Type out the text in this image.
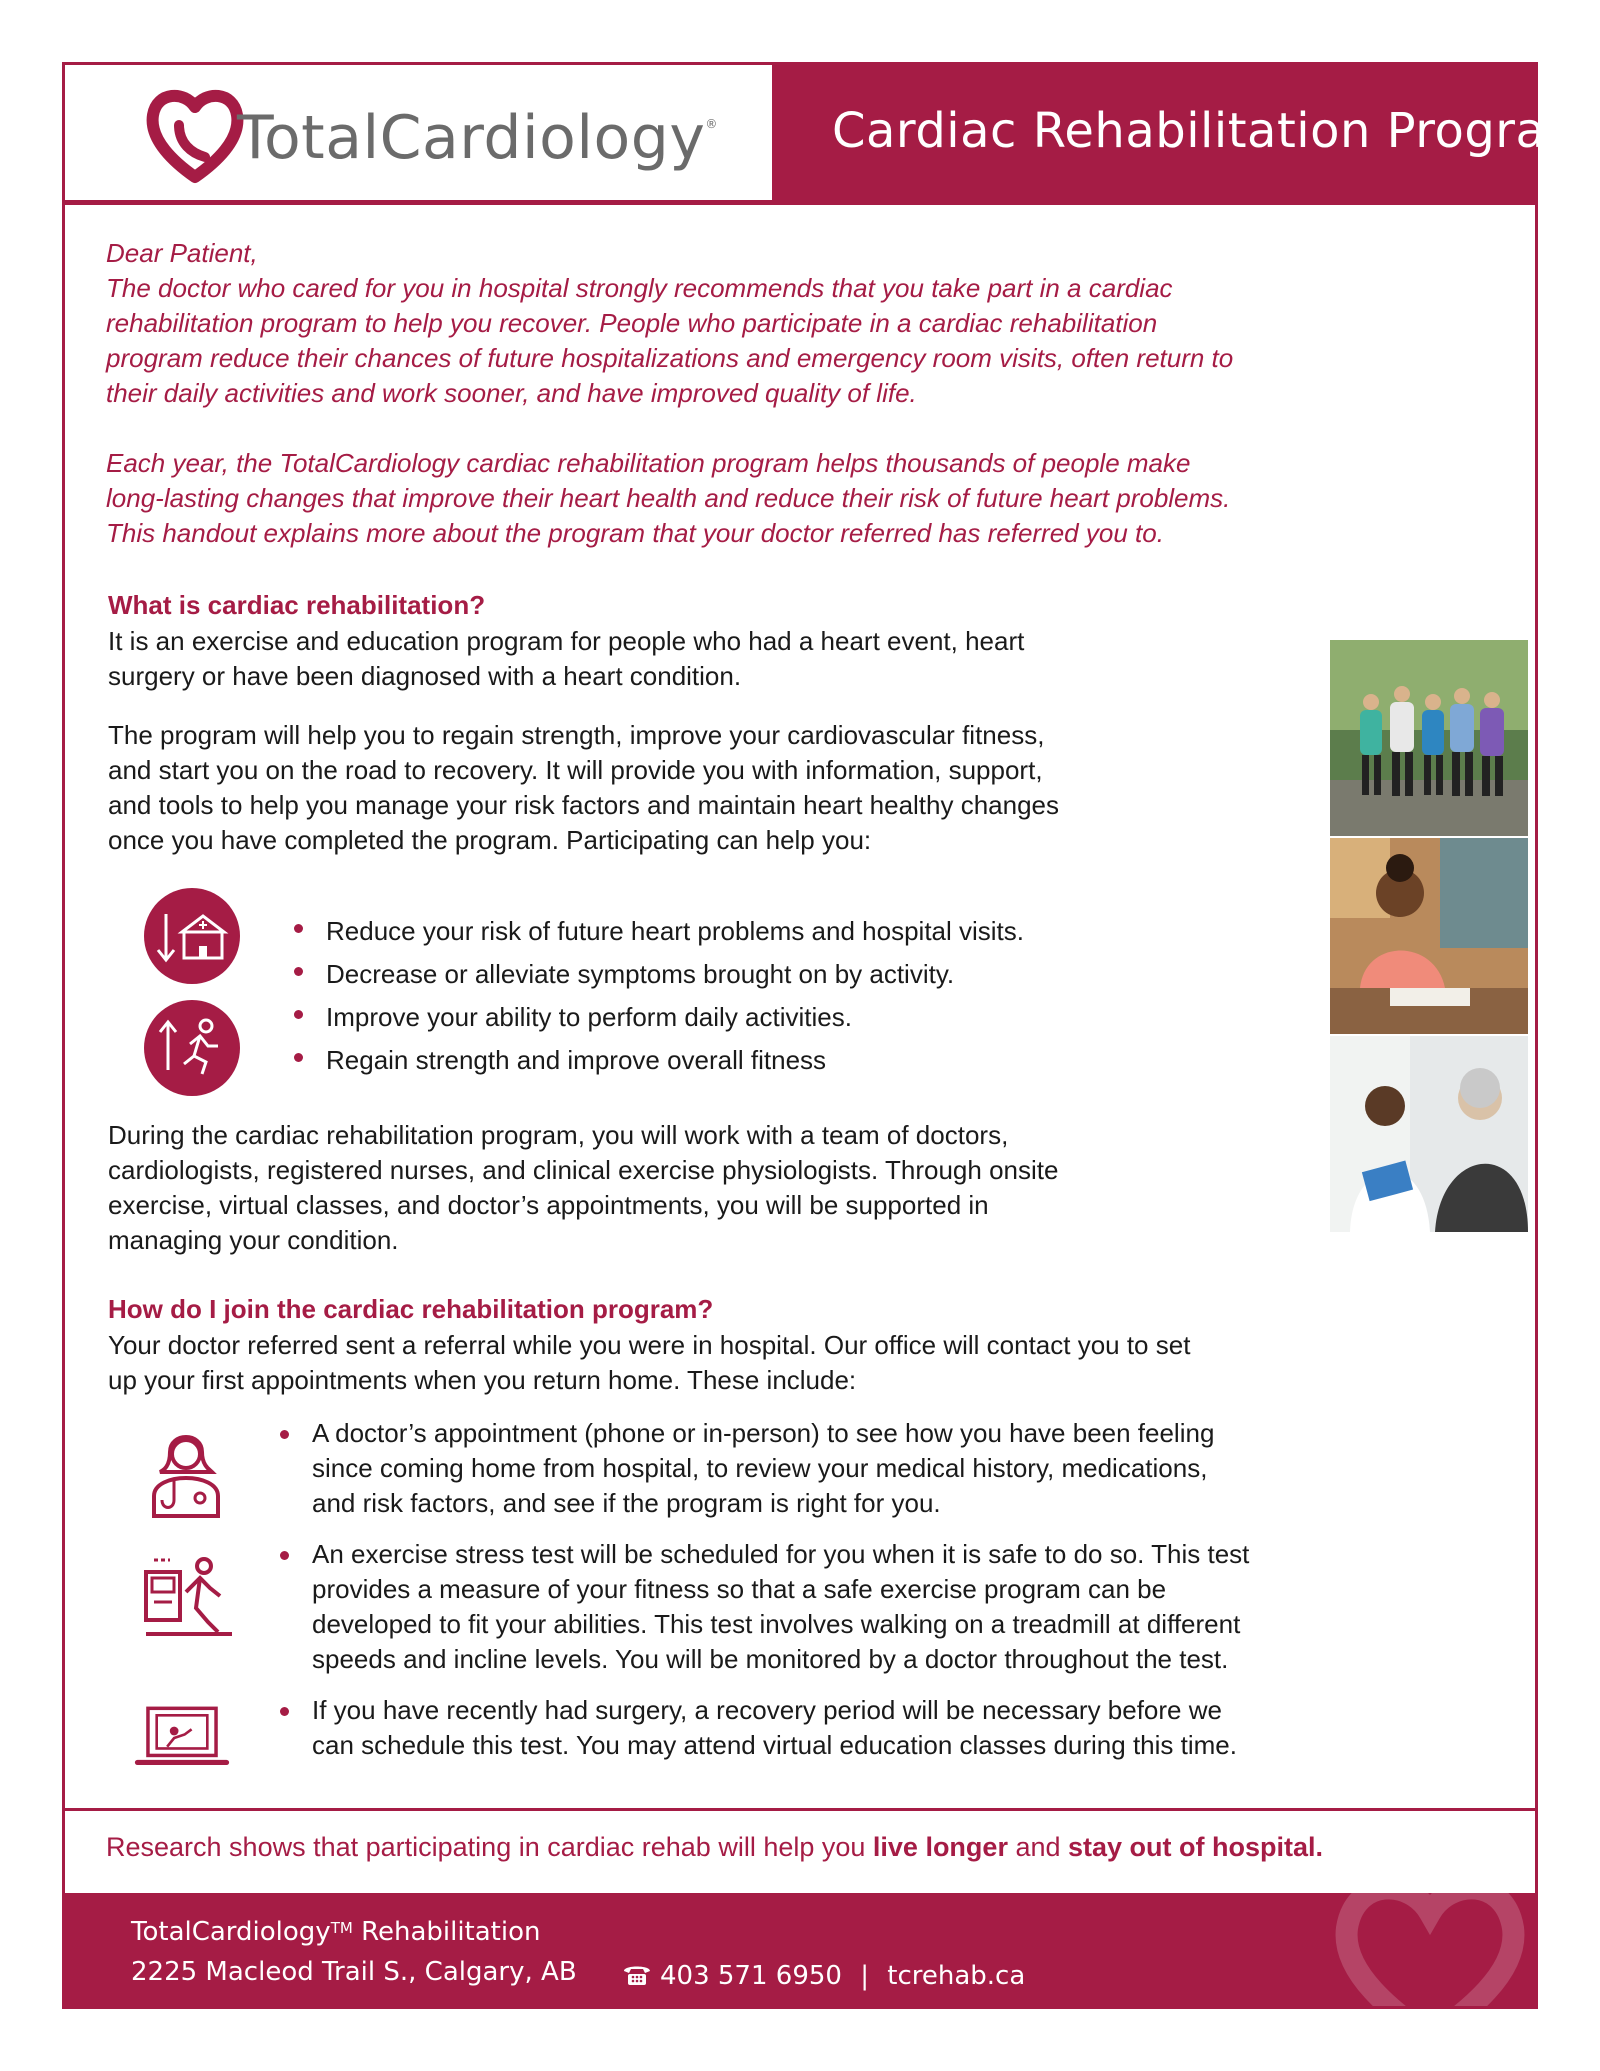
TotalCardiology® Cardiac Rehabilitation Program

Dear Patient,

The doctor who cared for you in hospital strongly recommends that you take part in a cardiac

rehabilitation program to help you recover. People who participate in a cardiac rehabilitation

program reduce their chances of future hospitalizations and emergency room visits, often return to

their daily activities and work sooner, and have improved quality of life.

Each year, the TotalCardiology cardiac rehabilitation program helps thousands of people make

long-lasting changes that improve their heart health and reduce their risk of future heart problems.

This handout explains more about the program that your doctor referred has referred you to.

What is cardiac rehabilitation?

It is an exercise and education program for people who had a heart event, heart

surgery or have been diagnosed with a heart condition.

The program will help you to regain strength, improve your cardiovascular fitness,

and start you on the road to recovery. It will provide you with information, support,

and tools to help you manage your risk factors and maintain heart healthy changes

once you have completed the program. Participating can help you:

Reduce your risk of future heart problems and hospital visits.
Decrease or alleviate symptoms brought on by activity.
Improve your ability to perform daily activities.
Regain strength and improve overall fitness

During the cardiac rehabilitation program, you will work with a team of doctors,

cardiologists, registered nurses, and clinical exercise physiologists. Through onsite

exercise, virtual classes, and doctor’s appointments, you will be supported in

managing your condition.

How do I join the cardiac rehabilitation program?

Your doctor referred sent a referral while you were in hospital. Our office will contact you to set

up your first appointments when you return home. These include:

A doctor’s appointment (phone or in-person) to see how you have been feeling
since coming home from hospital, to review your medical history, medications,
and risk factors, and see if the program is right for you.
An exercise stress test will be scheduled for you when it is safe to do so. This test
provides a measure of your fitness so that a safe exercise program can be
developed to fit your abilities. This test involves walking on a treadmill at different
speeds and incline levels. You will be monitored by a doctor throughout the test.
If you have recently had surgery, a recovery period will be necessary before we
can schedule this test. You may attend virtual education classes during this time.
Research shows that participating in cardiac rehab will help you live longer and stay out of hospital.
TotalCardiology™ Rehabilitation
2225 Macleod Trail S., Calgary, AB	403 571 6950 | tcrehab.ca
